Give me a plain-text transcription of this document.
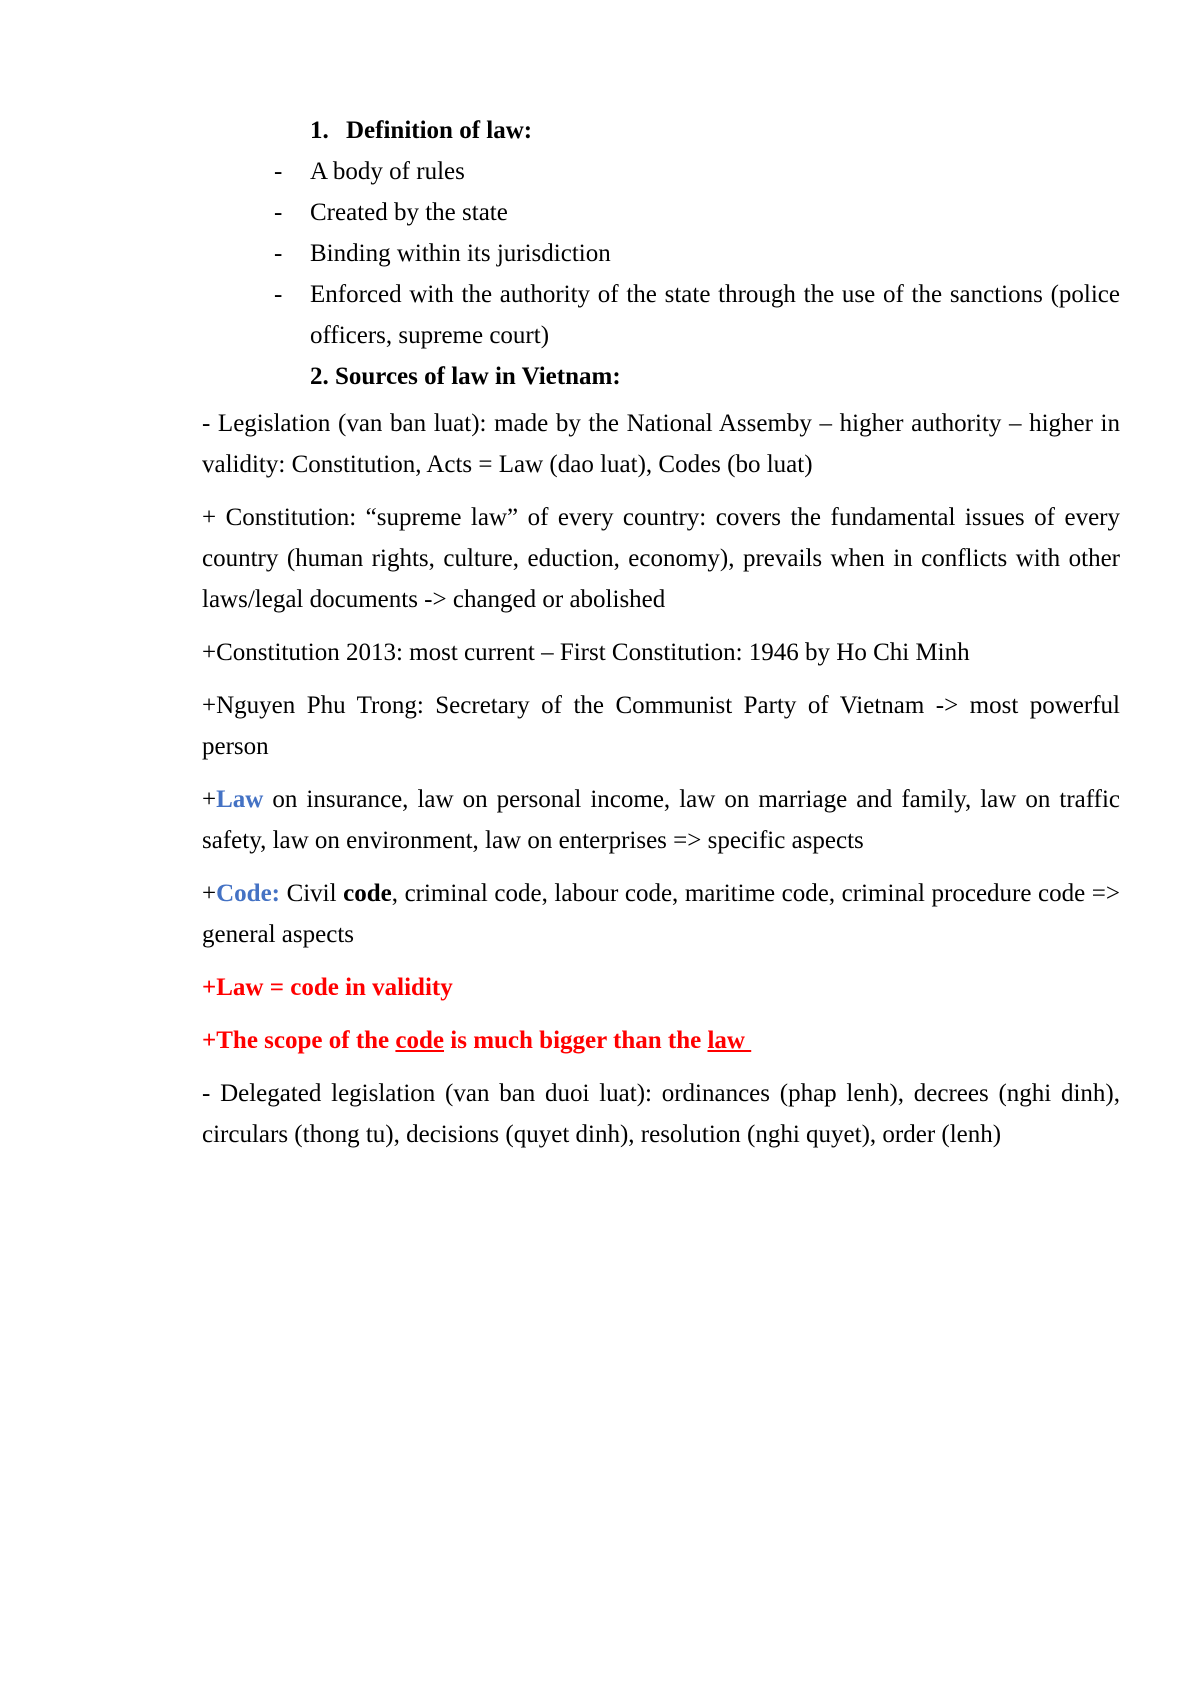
1. Definition of law:

-	A body of rules
-	Created by the state
-	Binding within its jurisdiction
-	Enforced with the authority of the state through the use of the sanctions (police officers, supreme court)

2. Sources of law in Vietnam:

- Legislation (van ban luat): made by the National Assemby – higher authority – higher in validity: Constitution, Acts = Law (dao luat), Codes (bo luat)

+ Constitution: “supreme law” of every country: covers the fundamental issues of every country (human rights, culture, eduction, economy), prevails when in conflicts with other laws/legal documents -> changed or abolished

+Constitution 2013: most current – First Constitution: 1946 by Ho Chi Minh

+Nguyen Phu Trong: Secretary of the Communist Party of Vietnam -> most powerful person

+Law on insurance, law on personal income, law on marriage and family, law on traffic safety, law on environment, law on enterprises => specific aspects

+Code: Civil code, criminal code, labour code, maritime code, criminal procedure code => general aspects

+Law = code in validity

+The scope of the code is much bigger than the law

- Delegated legislation (van ban duoi luat): ordinances (phap lenh), decrees (nghi dinh), circulars (thong tu), decisions (quyet dinh), resolution (nghi quyet), order (lenh)
